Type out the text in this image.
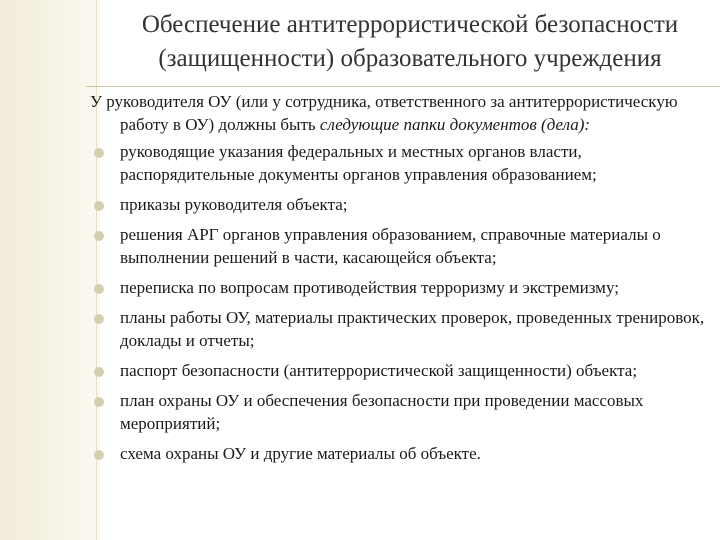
Обеспечение антитеррористической безопасности
(защищенности) образовательного учреждения

У руководителя ОУ (или у сотрудника, ответственного за антитеррористическую работу в ОУ) должны быть следующие папки документов (дела):

руководящие указания федеральных и местных органов власти, распорядительные документы органов управления образованием;
приказы руководителя объекта;
решения АРГ органов управления образованием, справочные материалы о выполнении решений в части, касающейся объекта;
переписка по вопросам противодействия терроризму и экстремизму;
планы работы ОУ, материалы практических проверок, проведенных тренировок, доклады и отчеты;
паспорт безопасности (антитеррористической защищенности) объекта;
план охраны ОУ и обеспечения безопасности при проведении массовых мероприятий;
схема охраны ОУ и другие материалы об объекте.
